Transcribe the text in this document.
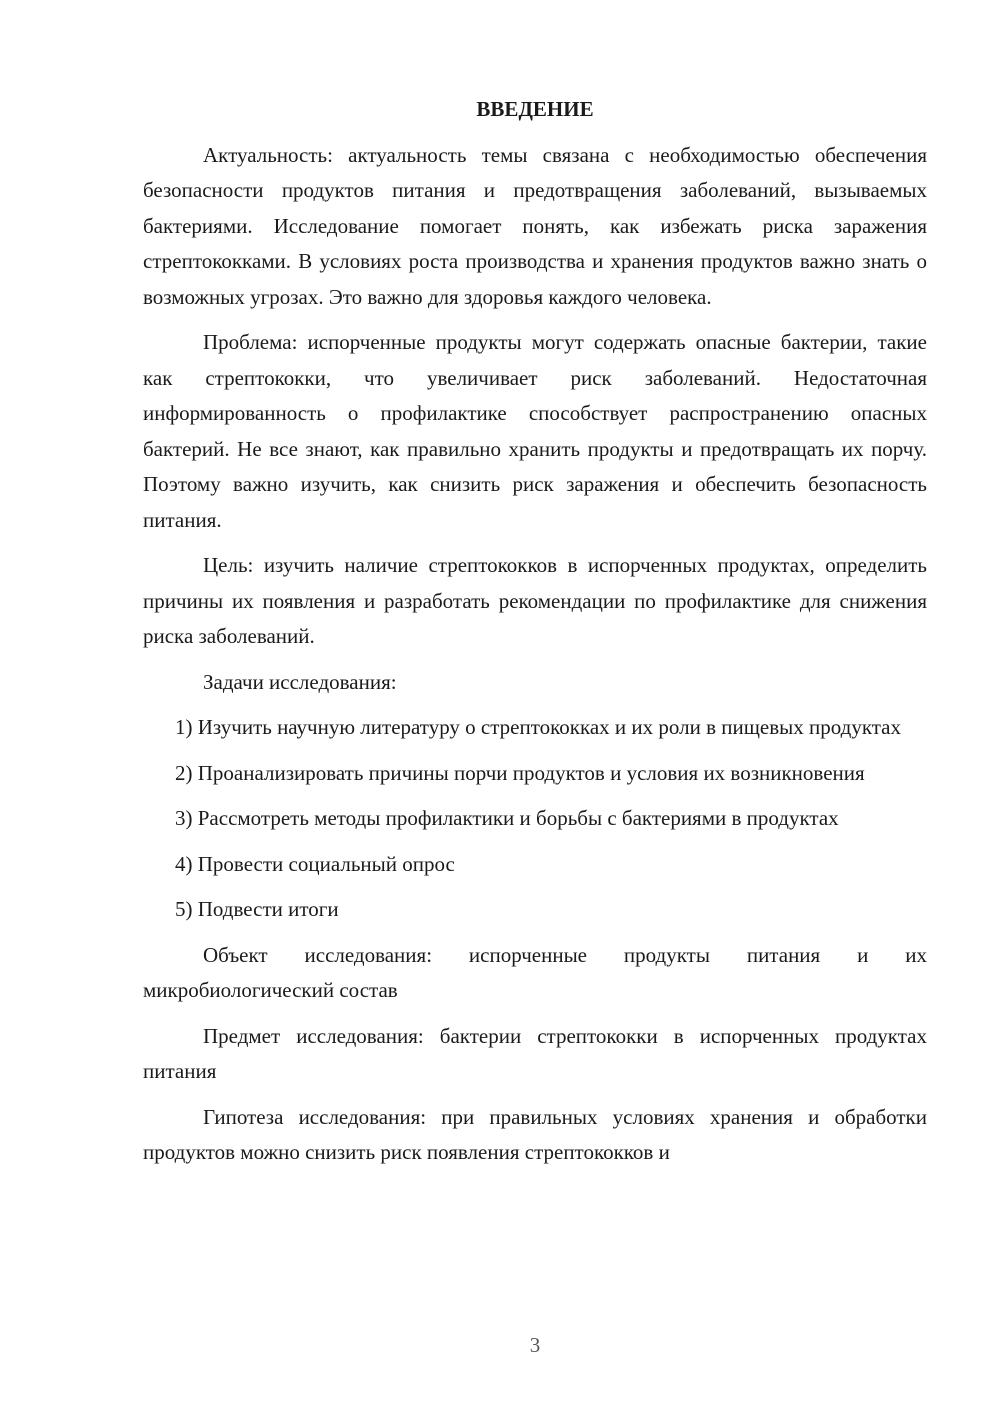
ВВЕДЕНИЕ

Актуальность: актуальность темы связана с необходимостью обеспечения безопасности продуктов питания и предотвращения заболеваний, вызываемых бактериями. Исследование помогает понять, как избежать риска заражения стрептококками. В условиях роста производства и хранения продуктов важно знать о возможных угрозах. Это важно для здоровья каждого человека.

Проблема: испорченные продукты могут содержать опасные бактерии, такие как стрептококки, что увеличивает риск заболеваний. Недостаточная информированность о профилактике способствует распространению опасных бактерий. Не все знают, как правильно хранить продукты и предотвращать их порчу. Поэтому важно изучить, как снизить риск заражения и обеспечить безопасность питания.

Цель: изучить наличие стрептококков в испорченных продуктах, определить причины их появления и разработать рекомендации по профилактике для снижения риска заболеваний.

Задачи исследования:

1) Изучить научную литературу о стрептококках и их роли в пищевых продуктах

2) Проанализировать причины порчи продуктов и условия их возникновения

3) Рассмотреть методы профилактики и борьбы с бактериями в продуктах

4) Провести социальный опрос

5) Подвести итоги

Объект исследования: испорченные продукты питания и их микробиологический состав

Предмет исследования: бактерии стрептококки в испорченных продуктах питания

Гипотеза исследования: при правильных условиях хранения и обработки продуктов можно снизить риск появления стрептококков и

3
